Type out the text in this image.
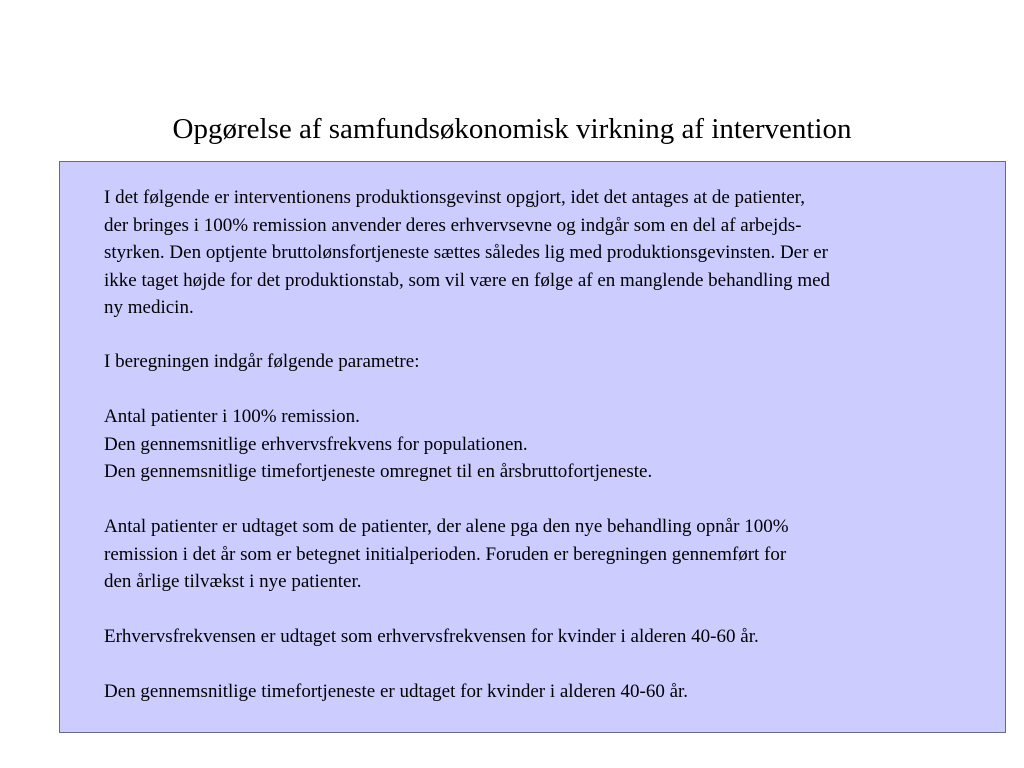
Opgørelse af samfundsøkonomisk virkning af intervention

I det følgende er interventionens produktionsgevinst opgjort, idet det antages at de patienter,
der bringes i 100% remission anvender deres erhvervsevne og indgår som en del af arbejds-
styrken. Den optjente bruttolønsfortjeneste sættes således lig med produktionsgevinsten. Der er
ikke taget højde for det produktionstab, som vil være en følge af en manglende behandling med
ny medicin.

I beregningen indgår følgende parametre:

Antal patienter i 100% remission.
Den gennemsnitlige erhvervsfrekvens for populationen.
Den gennemsnitlige timefortjeneste omregnet til en årsbruttofortjeneste.

Antal patienter er udtaget som de patienter, der alene pga den nye behandling opnår 100%
remission i det år som er betegnet initialperioden. Foruden er beregningen gennemført for
den årlige tilvækst i nye patienter.

Erhvervsfrekvensen er udtaget som erhvervsfrekvensen for kvinder i alderen 40-60 år.

Den gennemsnitlige timefortjeneste er udtaget for kvinder i alderen 40-60 år.
